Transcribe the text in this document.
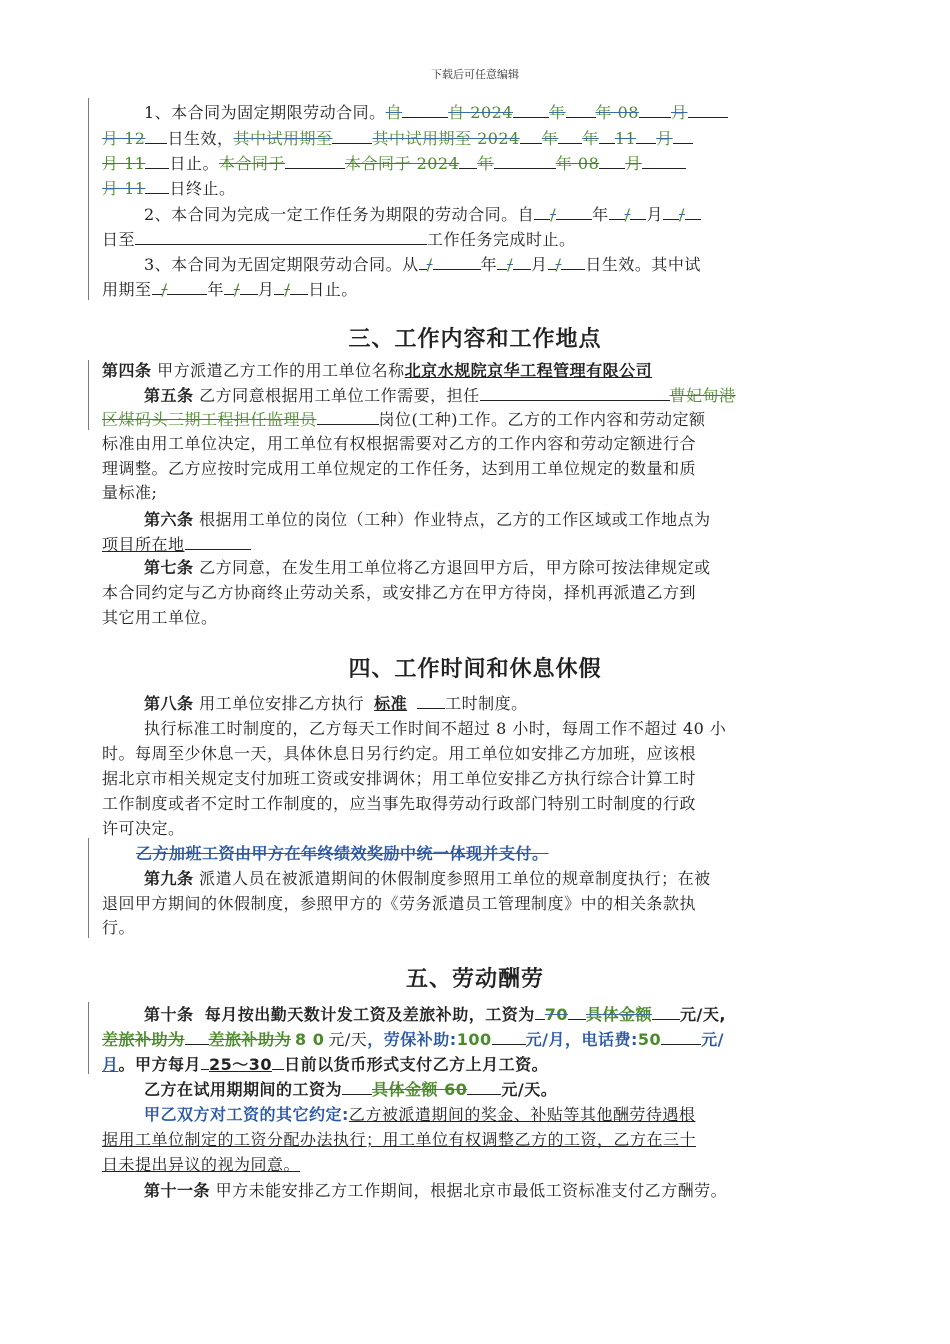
下载后可任意编辑
1、本合同为固定期限劳动合同。自	自 2024 年 年 08 月
月 12 日生效，其中试用期至	其中试用期至 2024 年 年 11 月
月 11 日止。本合同于	本合同于 2024 年	年 08 月
月 11 日终止。
2、本合同为完成一定工作任务为期限的劳动合同。自 / 年 / 月 /
日至	工作任务完成时止。
3、本合同为无固定期限劳动合同。从 /	年 / 月 / 日生效。其中试
用期至 /	年 / 月 / 日止。
三、工作内容和工作地点
第四条 甲方派遣乙方工作的用工单位名称北京水规院京华工程管理有限公司
第五条 乙方同意根据用工单位工作需要，担任	曹妃甸港
区煤码头三期工程担任监理员	岗位(工种)工作。乙方的工作内容和劳动定额
标准由用工单位决定，用工单位有权根据需要对乙方的工作内容和劳动定额进行合
理调整。乙方应按时完成用工单位规定的工作任务，达到用工单位规定的数量和质
量标准;
第六条 根据用工单位的岗位（工种）作业特点，乙方的工作区域或工作地点为
项目所在地
第七条 乙方同意，在发生用工单位将乙方退回甲方后，甲方除可按法律规定或
本合同约定与乙方协商终止劳动关系，或安排乙方在甲方待岗，择机再派遣乙方到
其它用工单位。
四、工作时间和休息休假
第八条 用工单位安排乙方执行 标准 工时制度。
执行标准工时制度的，乙方每天工作时间不超过 8 小时，每周工作不超过 40 小
时。每周至少休息一天，具体休息日另行约定。用工单位如安排乙方加班，应该根
据北京市相关规定支付加班工资或安排调休；用工单位安排乙方执行综合计算工时
工作制度或者不定时工作制度的，应当事先取得劳动行政部门特别工时制度的行政
许可决定。
乙方加班工资由甲方在年终绩效奖励中统一体现并支付。
第九条 派遣人员在被派遣期间的休假制度参照用工单位的规章制度执行；在被
退回甲方期间的休假制度，参照甲方的《劳务派遣员工管理制度》中的相关条款执
行。
五、劳动酬劳
第十条 每月按出勤天数计发工资及差旅补助，工资为 70 具体金额 元/天,
差旅补助为 差旅补助为 8 0 元/天，劳保补助:100 元/月，电话费:50	元/
月。甲方每月 25～30 日前以货币形式支付乙方上月工资。
乙方在试用期期间的工资为 具体金额 60 元/天。
甲乙双方对工资的其它约定:乙方被派遣期间的奖金、补贴等其他酬劳待遇根
据用工单位制定的工资分配办法执行；用工单位有权调整乙方的工资，乙方在三十
日未提出异议的视为同意。
第十一条 甲方未能安排乙方工作期间，根据北京市最低工资标准支付乙方酬劳。
